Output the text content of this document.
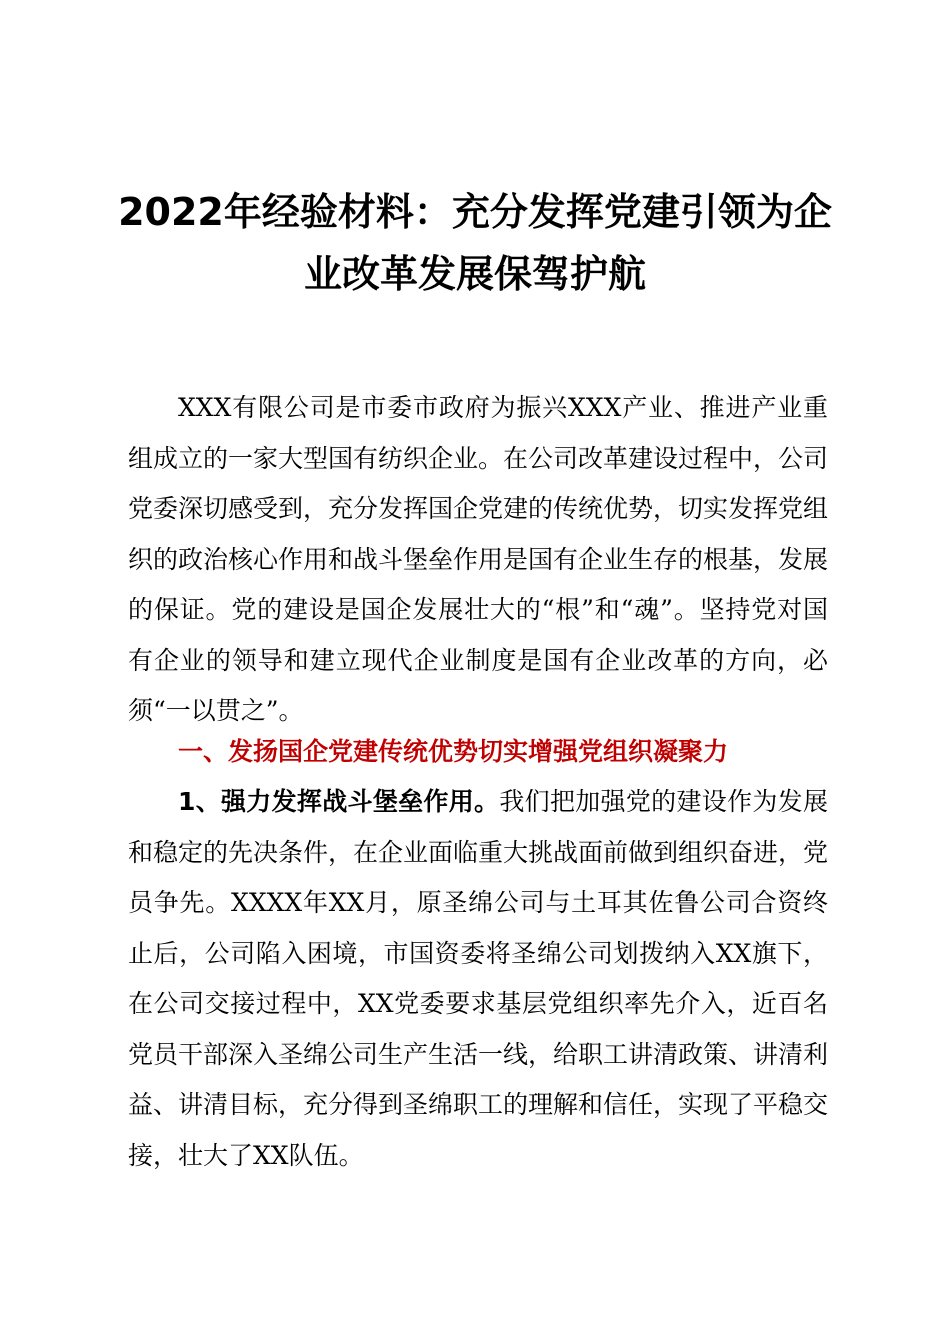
2022年经验材料：充分发挥党建引领为企业改革发展保驾护航

XXX有限公司是市委市政府为振兴XXX产业、推进产业重组成立的一家大型国有纺织企业。在公司改革建设过程中，公司党委深切感受到，充分发挥国企党建的传统优势，切实发挥党组织的政治核心作用和战斗堡垒作用是国有企业生存的根基，发展的保证。党的建设是国企发展壮大的“根”和“魂”。坚持党对国有企业的领导和建立现代企业制度是国有企业改革的方向，必须“一以贯之”。

一、发扬国企党建传统优势切实增强党组织凝聚力

1、强力发挥战斗堡垒作用。我们把加强党的建设作为发展和稳定的先决条件，在企业面临重大挑战面前做到组织奋进，党员争先。XXXX年XX月，原圣绵公司与土耳其佐鲁公司合资终止后，公司陷入困境，市国资委将圣绵公司划拨纳入XX旗下，在公司交接过程中，XX党委要求基层党组织率先介入，近百名党员干部深入圣绵公司生产生活一线，给职工讲清政策、讲清利益、讲清目标，充分得到圣绵职工的理解和信任，实现了平稳交接，壮大了XX队伍。
